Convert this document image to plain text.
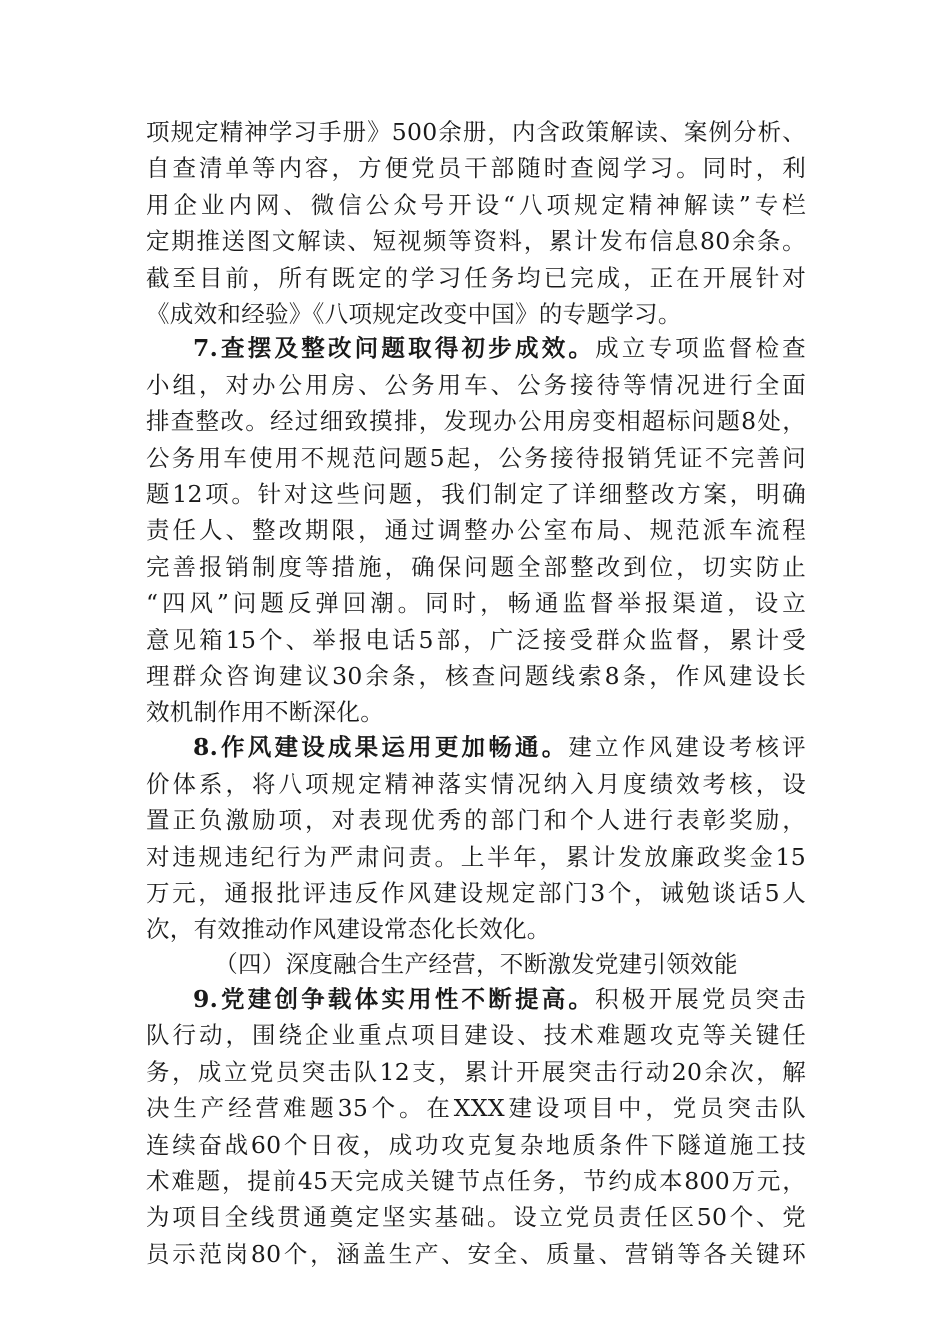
项规定精神学习手册》500余册，内含政策解读、案例分析、
自查清单等内容，方便党员干部随时查阅学习。同时，利
用企业内网、微信公众号开设“八项规定精神解读”专栏
定期推送图文解读、短视频等资料，累计发布信息80余条。
截至目前，所有既定的学习任务均已完成，正在开展针对
《成效和经验》《八项规定改变中国》的专题学习。
7.查摆及整改问题取得初步成效。成立专项监督检查
小组，对办公用房、公务用车、公务接待等情况进行全面
排查整改。经过细致摸排，发现办公用房变相超标问题8处，
公务用车使用不规范问题5起，公务接待报销凭证不完善问
题12项。针对这些问题，我们制定了详细整改方案，明确
责任人、整改期限，通过调整办公室布局、规范派车流程
完善报销制度等措施，确保问题全部整改到位，切实防止
“四风”问题反弹回潮。同时，畅通监督举报渠道，设立
意见箱15个、举报电话5部，广泛接受群众监督，累计受
理群众咨询建议30余条，核查问题线索8条，作风建设长
效机制作用不断深化。
8.作风建设成果运用更加畅通。建立作风建设考核评
价体系，将八项规定精神落实情况纳入月度绩效考核，设
置正负激励项，对表现优秀的部门和个人进行表彰奖励，
对违规违纪行为严肃问责。上半年，累计发放廉政奖金15
万元，通报批评违反作风建设规定部门3个，诫勉谈话5人
次，有效推动作风建设常态化长效化。
（四）深度融合生产经营，不断激发党建引领效能
9.党建创争载体实用性不断提高。积极开展党员突击
队行动，围绕企业重点项目建设、技术难题攻克等关键任
务，成立党员突击队12支，累计开展突击行动20余次，解
决生产经营难题35个。在XXX建设项目中，党员突击队
连续奋战60个日夜，成功攻克复杂地质条件下隧道施工技
术难题，提前45天完成关键节点任务，节约成本800万元，
为项目全线贯通奠定坚实基础。设立党员责任区50个、党
员示范岗80个，涵盖生产、安全、质量、营销等各关键环
